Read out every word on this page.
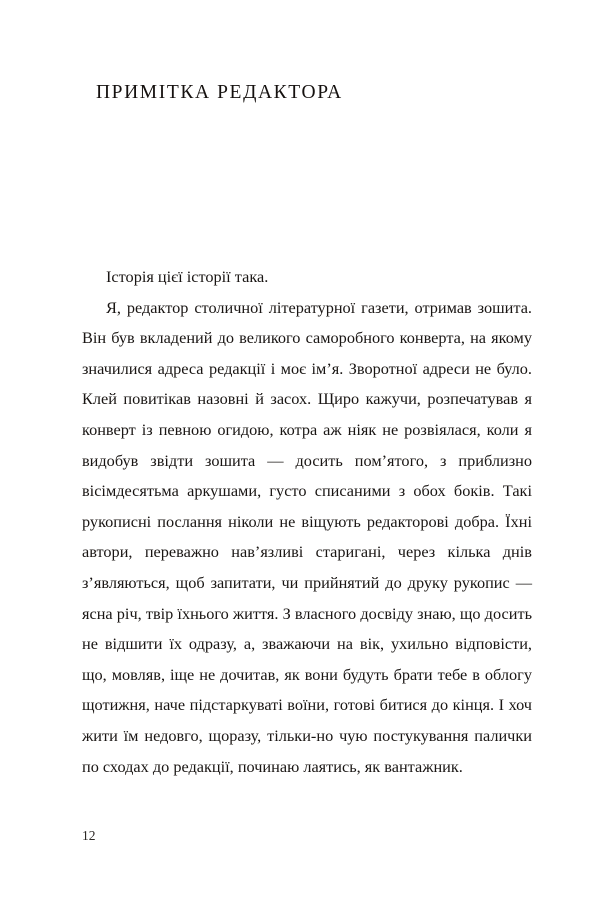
ПРИМІТКА РЕДАКТОРА

Історія цієї історії така.

Я, редактор столичної літературної газети, отримав зошита. Він був вкладений до великого саморобного конверта, на якому значилися адреса редакції і моє ім’я. Зворотної адреси не було. Клей повитікав назовні й засох. Щиро кажучи, розпечатував я конверт із певною огидою, котра аж ніяк не розвіялася, коли я видобув звідти зошита — досить пом’ятого, з приблизно вісімдесятьма аркушами, густо списаними з обох боків. Такі рукописні послання ніколи не віщують редакторові добра. Їхні автори, переважно нав’язливі старигані, через кілька днів з’являються, щоб запитати, чи прийнятий до друку рукопис — ясна річ, твір їхнього життя. З власного досвіду знаю, що досить не відшити їх одразу, а, зважаючи на вік, ухильно відповісти, що, мовляв, іще не дочитав, як вони будуть брати тебе в облогу щотижня, наче підстаркуваті воїни, готові битися до кінця. І хоч жити їм недовго, щоразу, тільки-но чую постукування палички по сходах до редакції, починаю лаятись, як вантажник.

12
